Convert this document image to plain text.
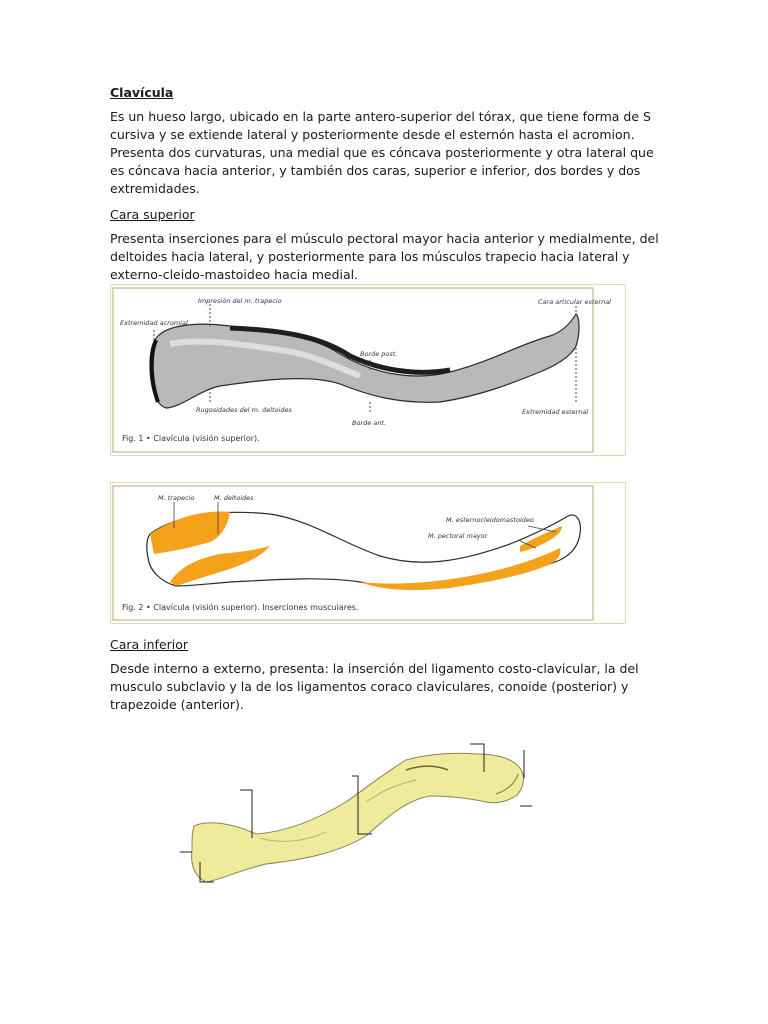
Clavícula

Es un hueso largo, ubicado en la parte antero-superior del tórax, que tiene forma de S cursiva y se extiende lateral y posteriormente desde el esternón hasta el acromion. Presenta dos curvaturas, una medial que es cóncava posteriormente y otra lateral que es cóncava hacia anterior, y también dos caras, superior e inferior, dos bordes y dos extremidades.

Cara superior

Presenta inserciones para el músculo pectoral mayor hacia anterior y medialmente, del deltoides hacia lateral, y posteriormente para los músculos trapecio hacia lateral y externo-cleido-mastoideo hacia medial.

Impresión del m. trapecio
Extremidad acromial
Cara articular esternal
Borde post.
Rugosidades del m. deltoides	Extremidad esternal
Borde ant.
Fig. 1 • Clavícula (visión superior).
M. trapecio	M. deltoides
M. esternocleidomastoideo
M. pectoral mayor
Fig. 2 • Clavícula (visión superior). Inserciones musculares.

Cara inferior

Desde interno a externo, presenta: la inserción del ligamento costo-clavicular, la del musculo subclavio y la de los ligamentos coraco claviculares, conoide (posterior) y trapezoide (anterior).
